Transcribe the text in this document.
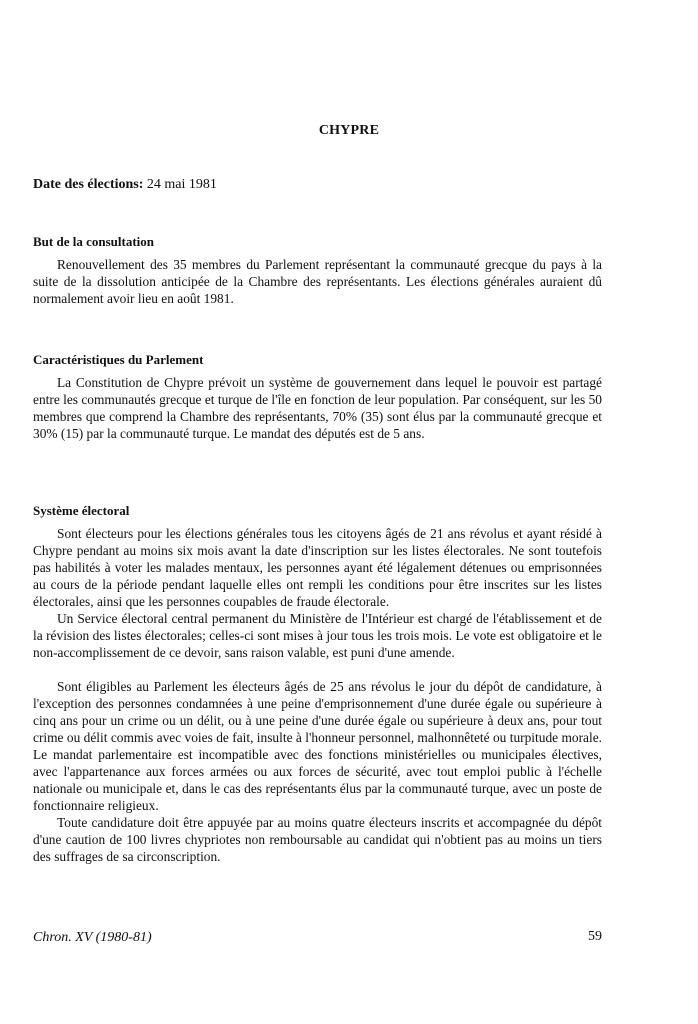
CHYPRE
Date des élections: 24 mai 1981
But de la consultation

Renouvellement des 35 membres du Parlement représentant la communauté grecque du pays à la suite de la dissolution anticipée de la Chambre des représentants. Les élections générales auraient dû normalement avoir lieu en août 1981.

Caractéristiques du Parlement

La Constitution de Chypre prévoit un système de gouvernement dans lequel le pouvoir est partagé entre les communautés grecque et turque de l'île en fonction de leur population. Par conséquent, sur les 50 membres que comprend la Chambre des représentants, 70% (35) sont élus par la communauté grecque et 30% (15) par la communauté turque. Le mandat des députés est de 5 ans.

Système électoral

Sont électeurs pour les élections générales tous les citoyens âgés de 21 ans révolus et ayant résidé à Chypre pendant au moins six mois avant la date d'inscription sur les listes électorales. Ne sont toutefois pas habilités à voter les malades mentaux, les personnes ayant été légalement détenues ou emprisonnées au cours de la période pendant laquelle elles ont rempli les conditions pour être inscrites sur les listes électorales, ainsi que les personnes coupables de fraude électorale.

Un Service électoral central permanent du Ministère de l'Intérieur est chargé de l'établissement et de la révision des listes électorales; celles-ci sont mises à jour tous les trois mois. Le vote est obligatoire et le non-accomplissement de ce devoir, sans raison valable, est puni d'une amende.

Sont éligibles au Parlement les électeurs âgés de 25 ans révolus le jour du dépôt de candidature, à l'exception des personnes condamnées à une peine d'emprisonnement d'une durée égale ou supérieure à cinq ans pour un crime ou un délit, ou à une peine d'une durée égale ou supérieure à deux ans, pour tout crime ou délit commis avec voies de fait, insulte à l'honneur personnel, malhonnêteté ou turpitude morale. Le mandat parlementaire est incompatible avec des fonctions ministérielles ou municipales électives, avec l'appartenance aux forces armées ou aux forces de sécurité, avec tout emploi public à l'échelle nationale ou municipale et, dans le cas des représentants élus par la communauté turque, avec un poste de fonctionnaire religieux.

Toute candidature doit être appuyée par au moins quatre électeurs inscrits et accompagnée du dépôt d'une caution de 100 livres chypriotes non remboursable au candidat qui n'obtient pas au moins un tiers des suffrages de sa circonscription.

Chron. XV (1980-81)	59
